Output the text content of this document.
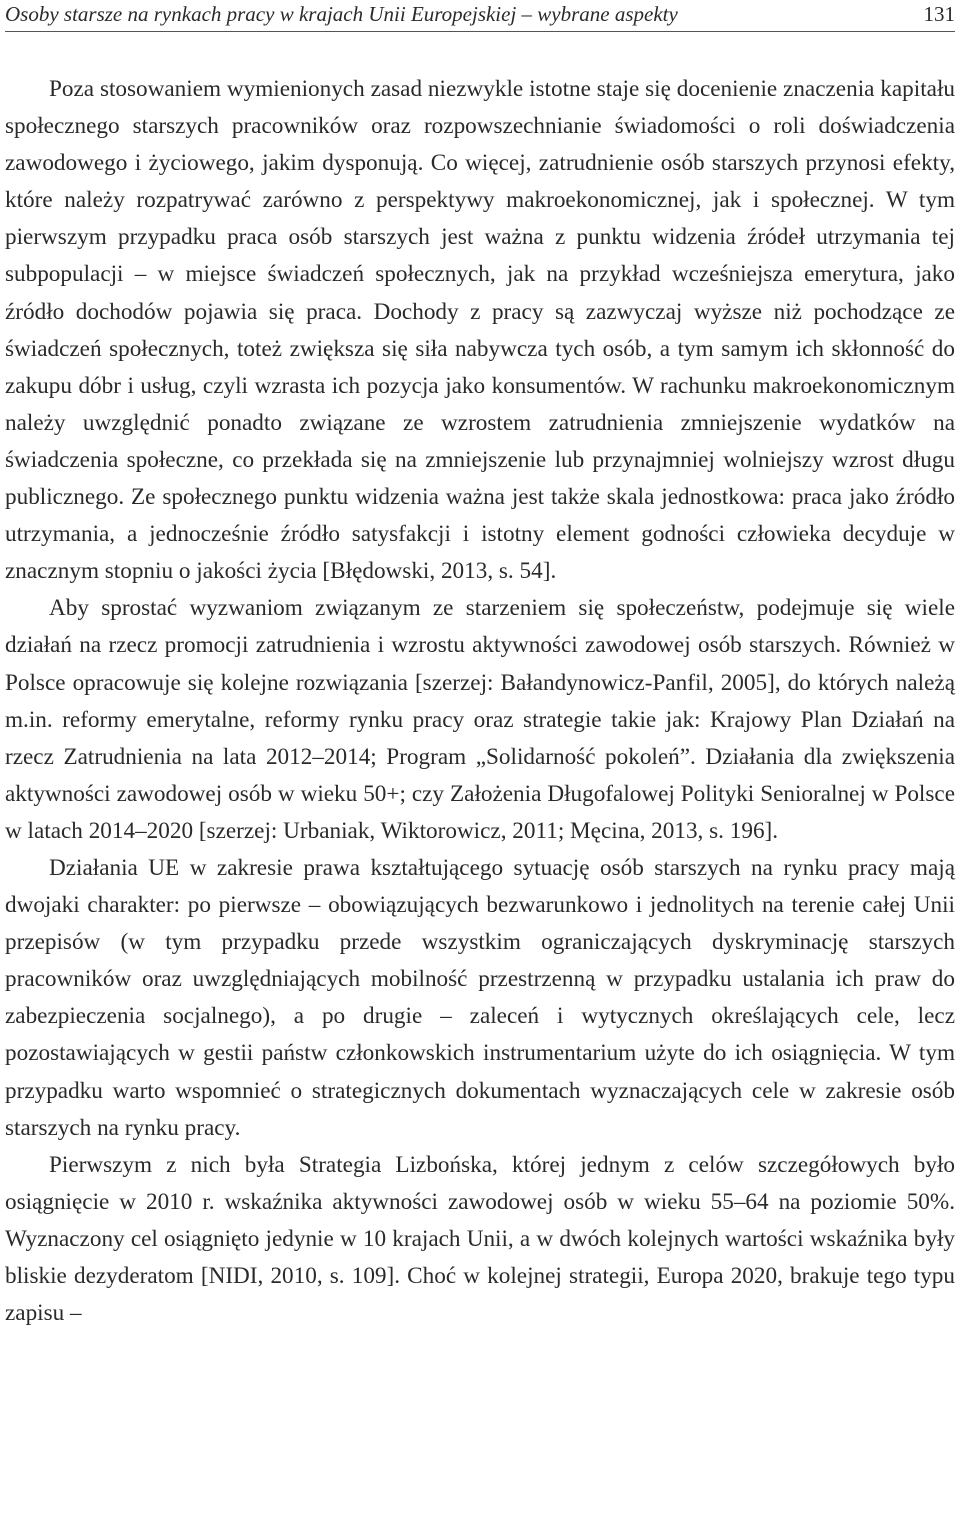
Osoby starsze na rynkach pracy w krajach Unii Europejskiej – wybrane aspekty	131

Poza stosowaniem wymienionych zasad niezwykle istotne staje się docenienie znaczenia kapitału społecznego starszych pracowników oraz rozpowszechnianie świadomości o roli doświadczenia zawodowego i życiowego, jakim dysponują. Co więcej, zatrudnienie osób starszych przynosi efekty, które należy rozpatrywać zarówno z perspektywy makroekonomicznej, jak i społecznej. W tym pierwszym przypadku praca osób starszych jest ważna z punktu widzenia źródeł utrzymania tej subpopulacji – w miejsce świadczeń społecznych, jak na przykład wcześniejsza emerytura, jako źródło dochodów pojawia się praca. Dochody z pracy są zazwyczaj wyższe niż pochodzące ze świadczeń społecznych, toteż zwiększa się siła nabywcza tych osób, a tym samym ich skłonność do zakupu dóbr i usług, czyli wzrasta ich pozycja jako konsumentów. W rachunku makroekonomicznym należy uwzględnić ponadto związane ze wzrostem zatrudnienia zmniejszenie wydatków na świadczenia społeczne, co przekłada się na zmniejszenie lub przynajmniej wolniejszy wzrost długu publicznego. Ze społecznego punktu widzenia ważna jest także skala jednostkowa: praca jako źródło utrzymania, a jednocześnie źródło satysfakcji i istotny element godności człowieka decyduje w znacznym stopniu o jakości życia [Błędowski, 2013, s. 54].

Aby sprostać wyzwaniom związanym ze starzeniem się społeczeństw, podejmuje się wiele działań na rzecz promocji zatrudnienia i wzrostu aktywności zawodowej osób starszych. Również w Polsce opracowuje się kolejne rozwiązania [szerzej: Bałandynowicz-Panfil, 2005], do których należą m.in. reformy emerytalne, reformy rynku pracy oraz strategie takie jak: Krajowy Plan Działań na rzecz Zatrudnienia na lata 2012–2014; Program „Solidarność pokoleń”. Działania dla zwiększenia aktywności zawodowej osób w wieku 50+; czy Założenia Długofalowej Polityki Senioralnej w Polsce w latach 2014–2020 [szerzej: Urbaniak, Wiktorowicz, 2011; Męcina, 2013, s. 196].

Działania UE w zakresie prawa kształtującego sytuację osób starszych na rynku pracy mają dwojaki charakter: po pierwsze – obowiązujących bezwarunkowo i jednolitych na terenie całej Unii przepisów (w tym przypadku przede wszystkim ograniczających dyskryminację starszych pracowników oraz uwzględniających mobilność przestrzenną w przypadku ustalania ich praw do zabezpieczenia socjalnego), a po drugie – zaleceń i wytycznych określających cele, lecz pozostawiających w gestii państw członkowskich instrumentarium użyte do ich osiągnięcia. W tym przypadku warto wspomnieć o strategicznych dokumentach wyznaczających cele w zakresie osób starszych na rynku pracy.

Pierwszym z nich była Strategia Lizbońska, której jednym z celów szczegółowych było osiągnięcie w 2010 r. wskaźnika aktywności zawodowej osób w wieku 55–64 na poziomie 50%. Wyznaczony cel osiągnięto jedynie w 10 krajach Unii, a w dwóch kolejnych wartości wskaźnika były bliskie dezyderatom [NIDI, 2010, s. 109]. Choć w kolejnej strategii, Europa 2020, brakuje tego typu zapisu –
